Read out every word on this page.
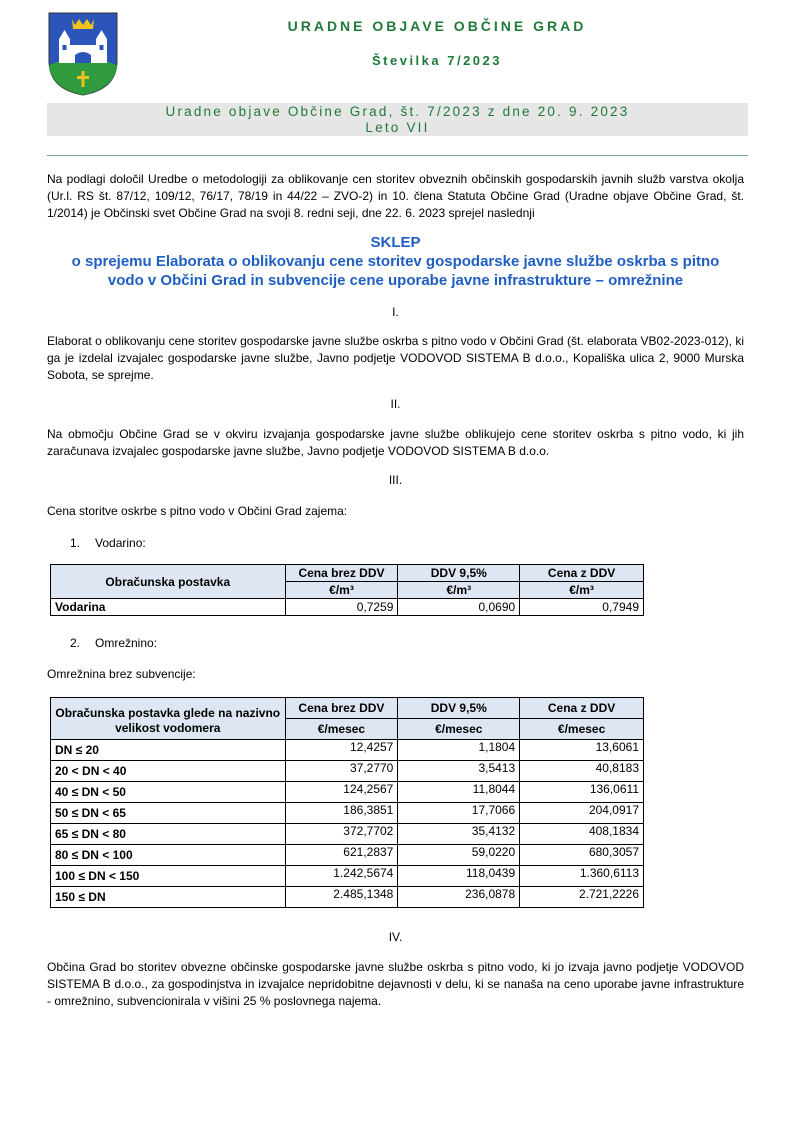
URADNE OBJAVE OBČINE GRAD
Številka 7/2023
Uradne objave Občine Grad, št. 7/2023 z dne 20. 9. 2023
Leto VII
Na podlagi določil Uredbe o metodologiji za oblikovanje cen storitev obveznih občinskih gospodarskih javnih služb varstva okolja (Ur.l. RS št. 87/12, 109/12, 76/17, 78/19 in 44/22 – ZVO-2) in 10. člena Statuta Občine Grad (Uradne objave Občine Grad, št. 1/2014) je Občinski svet Občine Grad na svoji 8. redni seji, dne 22. 6. 2023 sprejel naslednji
SKLEP
o sprejemu Elaborata o oblikovanju cene storitev gospodarske javne službe oskrba s pitno
vodo v Občini Grad in subvencije cene uporabe javne infrastrukture – omrežnine
I.
Elaborat o oblikovanju cene storitev gospodarske javne službe oskrba s pitno vodo v Občini Grad (št. elaborata VB02-2023-012), ki ga je izdelal izvajalec gospodarske javne službe, Javno podjetje VODOVOD SISTEMA B d.o.o., Kopališka ulica 2, 9000 Murska Sobota, se sprejme.
II.
Na območju Občine Grad se v okviru izvajanja gospodarske javne službe oblikujejo cene storitev oskrba s pitno vodo, ki jih zaračunava izvajalec gospodarske javne službe, Javno podjetje VODOVOD SISTEMA B d.o.o.
III.
Cena storitve oskrbe s pitno vodo v Občini Grad zajema:
1. Vodarino:
Obračunska postavka	Cena brez DDV	DDV 9,5%	Cena z DDV
	€/m³	€/m³	€/m³
Vodarina	0,7259	0,0690	0,7949
2. Omrežnino:
Omrežnina brez subvencije:
Obračunska postavka glede na nazivno velikost vodomera	Cena brez DDV	DDV 9,5%	Cena z DDV
	€/mesec	€/mesec	€/mesec
DN ≤ 20	12,4257	1,1804	13,6061
20 < DN < 40	37,2770	3,5413	40,8183
40 ≤ DN < 50	124,2567	11,8044	136,0611
50 ≤ DN < 65	186,3851	17,7066	204,0917
65 ≤ DN < 80	372,7702	35,4132	408,1834
80 ≤ DN < 100	621,2837	59,0220	680,3057
100 ≤ DN < 150	1.242,5674	118,0439	1.360,6113
150 ≤ DN	2.485,1348	236,0878	2.721,2226
IV.
Občina Grad bo storitev obvezne občinske gospodarske javne službe oskrba s pitno vodo, ki jo izvaja javno podjetje VODOVOD SISTEMA B d.o.o., za gospodinjstva in izvajalce nepridobitne dejavnosti v delu, ki se nanaša na ceno uporabe javne infrastrukture - omrežnino, subvencionirala v višini 25 % poslovnega najema.
